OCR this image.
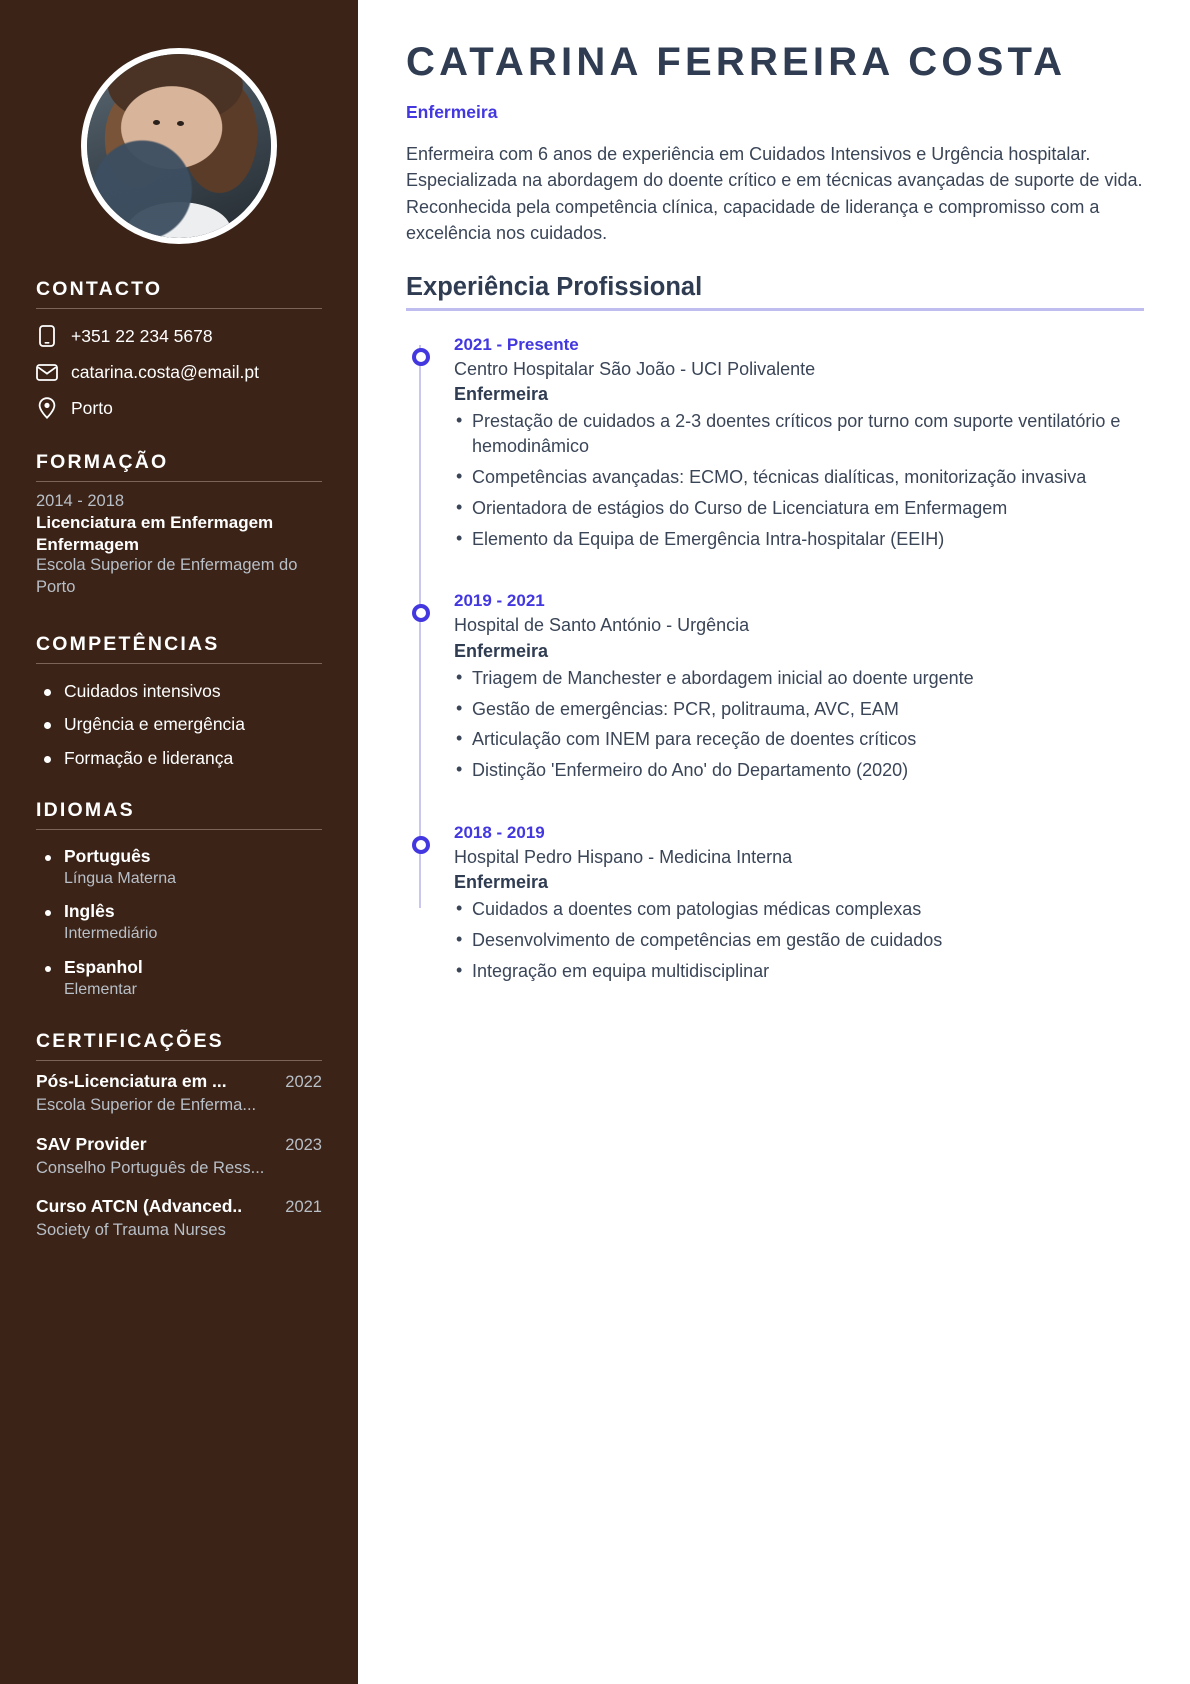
CONTACTO
+351 22 234 5678
catarina.costa@email.pt
Porto
FORMAÇÃO
2014 - 2018
Licenciatura em Enfermagem Enfermagem
Escola Superior de Enfermagem do Porto
COMPETÊNCIAS
Cuidados intensivos
Urgência e emergência
Formação e liderança
IDIOMAS
Português
Língua Materna
Inglês
Intermediário
Espanhol
Elementar
CERTIFICAÇÕES
Pós-Licenciatura em ...	2022
Escola Superior de Enferma...
SAV Provider	2023
Conselho Português de Ress...
Curso ATCN (Advanced..	2021
Society of Trauma Nurses
CATARINA FERREIRA COSTA
Enfermeira

Enfermeira com 6 anos de experiência em Cuidados Intensivos e Urgência hospitalar. Especializada na abordagem do doente crítico e em técnicas avançadas de suporte de vida. Reconhecida pela competência clínica, capacidade de liderança e compromisso com a excelência nos cuidados.

Experiência Profissional
2021 - Presente
Centro Hospitalar São João - UCI Polivalente
Enfermeira
• Prestação de cuidados a 2-3 doentes críticos por turno com suporte ventilatório e hemodinâmico
• Competências avançadas: ECMO, técnicas dialíticas, monitorização invasiva
• Orientadora de estágios do Curso de Licenciatura em Enfermagem
• Elemento da Equipa de Emergência Intra-hospitalar (EEIH)
2019 - 2021
Hospital de Santo António - Urgência
Enfermeira
• Triagem de Manchester e abordagem inicial ao doente urgente
• Gestão de emergências: PCR, politrauma, AVC, EAM
• Articulação com INEM para receção de doentes críticos
• Distinção 'Enfermeiro do Ano' do Departamento (2020)
2018 - 2019
Hospital Pedro Hispano - Medicina Interna
Enfermeira
• Cuidados a doentes com patologias médicas complexas
• Desenvolvimento de competências em gestão de cuidados
• Integração em equipa multidisciplinar
